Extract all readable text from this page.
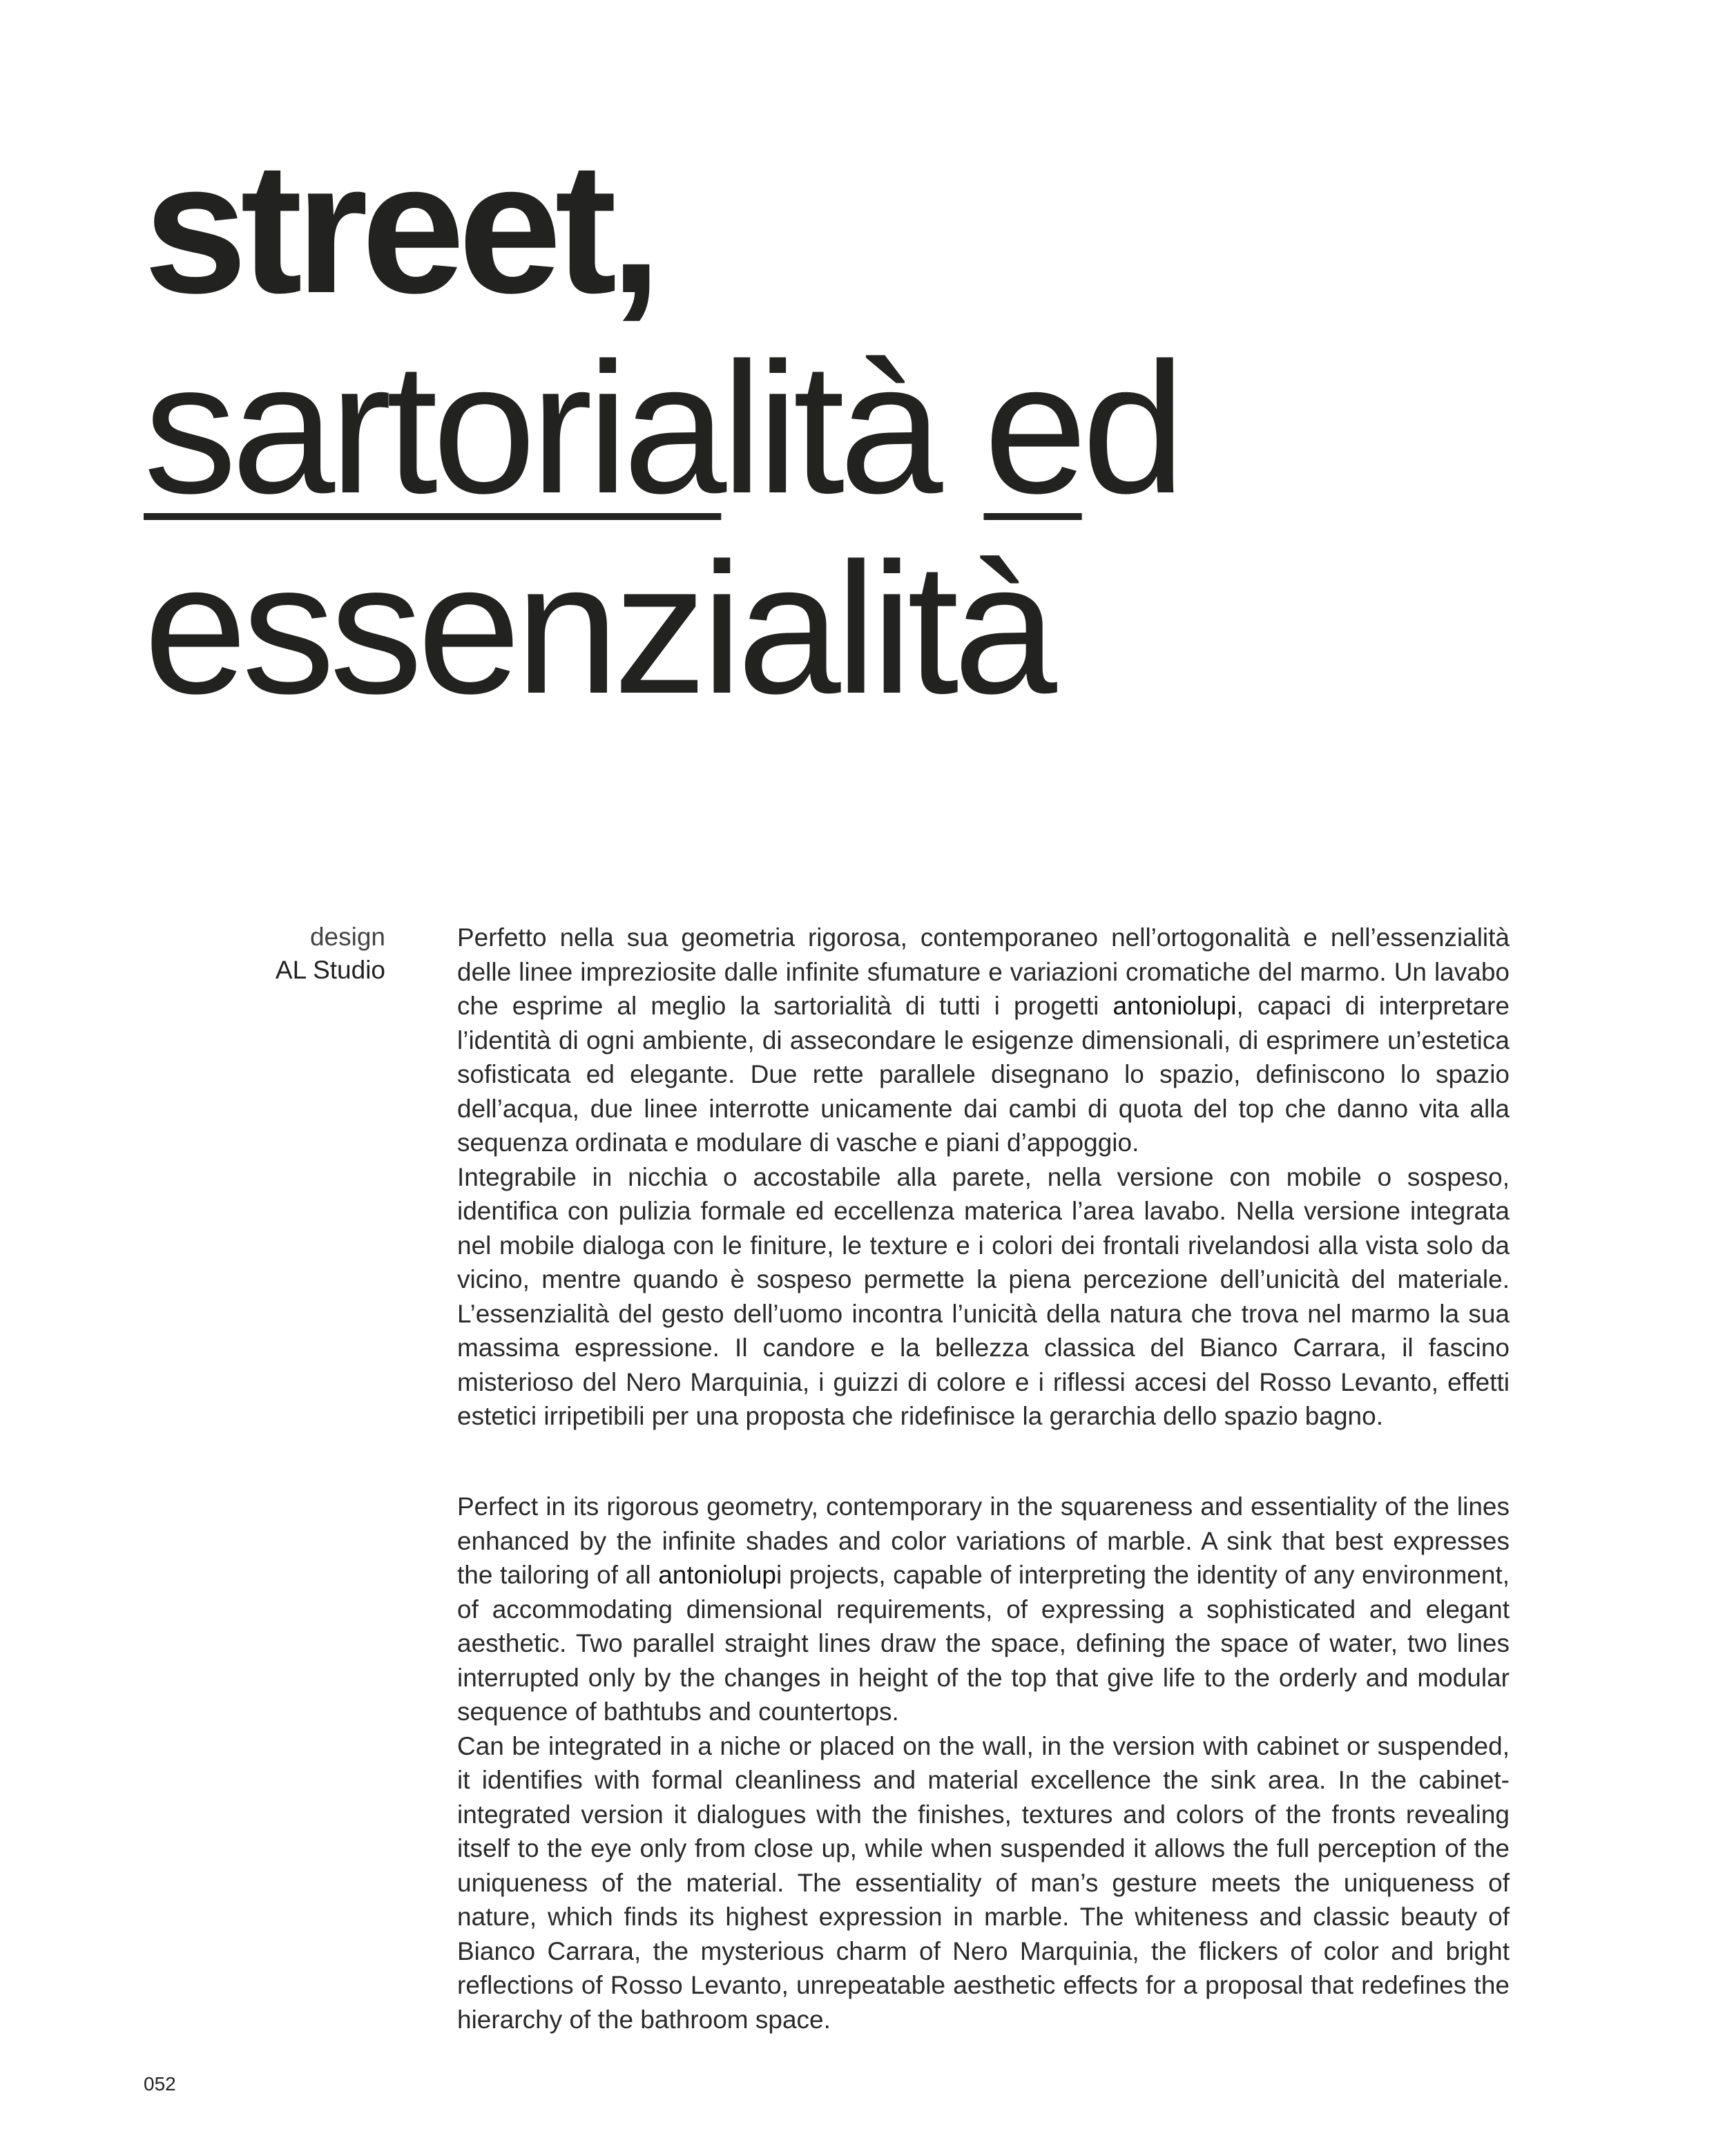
street,
sartorialità ed
essenzialità
design
AL Studio

Perfetto nella sua geometria rigorosa, contemporaneo nell’ortogonalità e nell’essenzialità delle linee impreziosite dalle infinite sfumature e variazioni cromatiche del marmo. Un lavabo che esprime al meglio la sartorialità di tutti i progetti antoniolupi, capaci di interpretare l’identità di ogni ambiente, di assecondare le esigenze dimensionali, di esprimere un’estetica sofisticata ed elegante. Due rette parallele disegnano lo spazio, definiscono lo spazio dell’acqua, due linee interrotte unicamente dai cambi di quota del top che danno vita alla sequenza ordinata e modulare di vasche e piani d’appoggio.

Integrabile in nicchia o accostabile alla parete, nella versione con mobile o sospeso, identifica con pulizia formale ed eccellenza materica l’area lavabo. Nella versione integrata nel mobile dialoga con le finiture, le texture e i colori dei frontali rivelandosi alla vista solo da vicino, mentre quando è sospeso permette la piena percezione dell’unicità del materiale. L’essenzialità del gesto dell’uomo incontra l’unicità della natura che trova nel marmo la sua massima espressione. Il candore e la bellezza classica del Bianco Carrara, il fascino misterioso del Nero Marquinia, i guizzi di colore e i riflessi accesi del Rosso Levanto, effetti estetici irripetibili per una proposta che ridefinisce la gerarchia dello spazio bagno.

Perfect in its rigorous geometry, contemporary in the squareness and essentiality of the lines enhanced by the infinite shades and color variations of marble. A sink that best expresses the tailoring of all antoniolupi projects, capable of interpreting the identity of any environment, of accommodating dimensional requirements, of expressing a sophisticated and elegant aesthetic. Two parallel straight lines draw the space, defining the space of water, two lines interrupted only by the changes in height of the top that give life to the orderly and modular sequence of bathtubs and countertops.

Can be integrated in a niche or placed on the wall, in the version with cabinet or suspended, it identifies with formal cleanliness and material excellence the sink area. In the cabinet-integrated version it dialogues with the finishes, textures and colors of the fronts revealing itself to the eye only from close up, while when suspended it allows the full perception of the uniqueness of the material. The essentiality of man’s gesture meets the uniqueness of nature, which finds its highest expression in marble. The whiteness and classic beauty of Bianco Carrara, the mysterious charm of Nero Marquinia, the flickers of color and bright reflections of Rosso Levanto, unrepeatable aesthetic effects for a proposal that redefines the hierarchy of the bathroom space.

052
